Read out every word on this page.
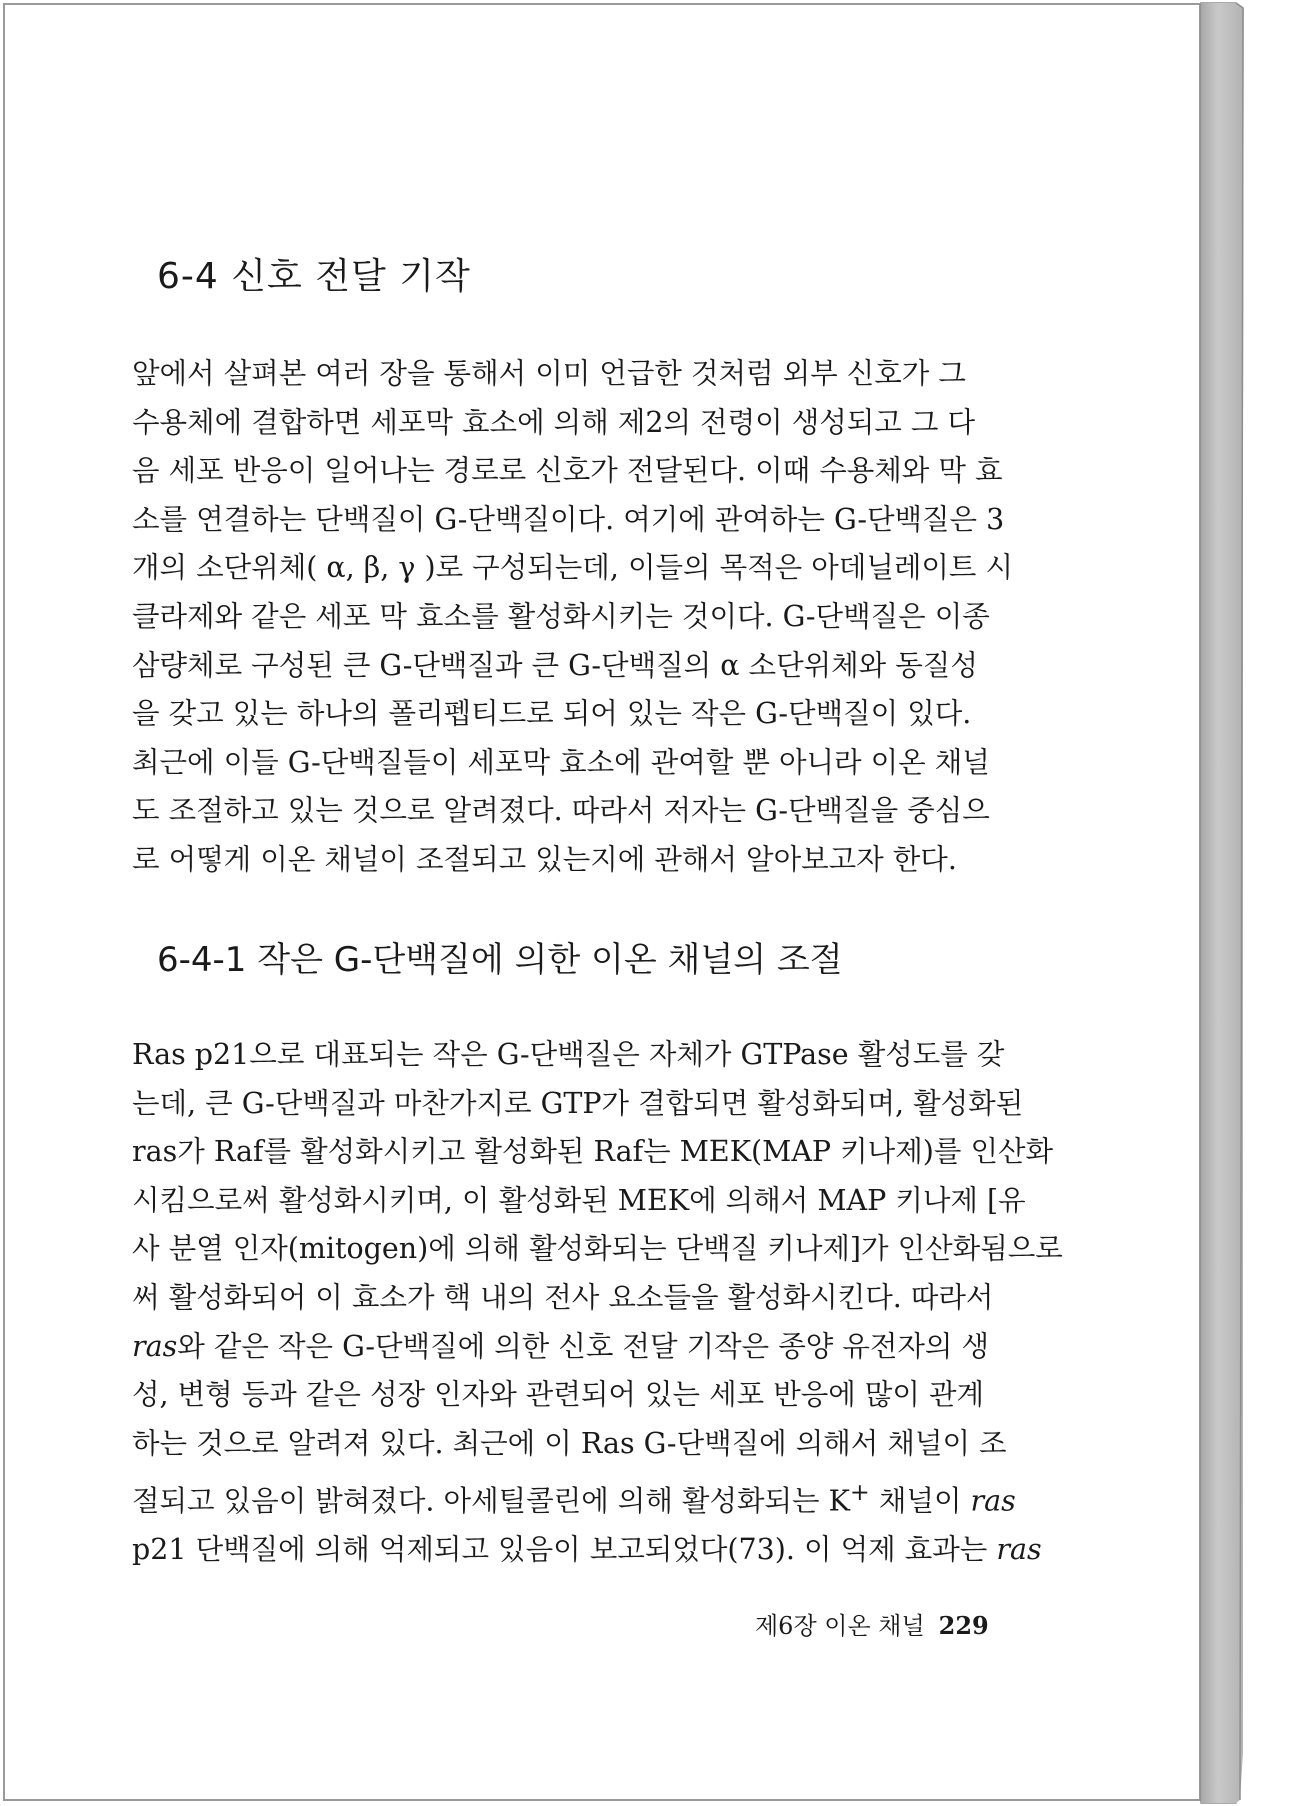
6-4 신호 전달 기작
앞에서 살펴본 여러 장을 통해서 이미 언급한 것처럼 외부 신호가 그
수용체에 결합하면 세포막 효소에 의해 제2의 전령이 생성되고 그 다
음 세포 반응이 일어나는 경로로 신호가 전달된다. 이때 수용체와 막 효
소를 연결하는 단백질이 G-단백질이다. 여기에 관여하는 G-단백질은 3
개의 소단위체( α, β, γ )로 구성되는데, 이들의 목적은 아데닐레이트 시
클라제와 같은 세포 막 효소를 활성화시키는 것이다. G-단백질은 이종
삼량체로 구성된 큰 G-단백질과 큰 G-단백질의 α 소단위체와 동질성
을 갖고 있는 하나의 폴리펩티드로 되어 있는 작은 G-단백질이 있다.
최근에 이들 G-단백질들이 세포막 효소에 관여할 뿐 아니라 이온 채널
도 조절하고 있는 것으로 알려졌다. 따라서 저자는 G-단백질을 중심으
로 어떻게 이온 채널이 조절되고 있는지에 관해서 알아보고자 한다.
6-4-1 작은 G-단백질에 의한 이온 채널의 조절
Ras p21으로 대표되는 작은 G-단백질은 자체가 GTPase 활성도를 갖
는데, 큰 G-단백질과 마찬가지로 GTP가 결합되면 활성화되며, 활성화된
ras가 Raf를 활성화시키고 활성화된 Raf는 MEK(MAP 키나제)를 인산화
시킴으로써 활성화시키며, 이 활성화된 MEK에 의해서 MAP 키나제 [유
사 분열 인자(mitogen)에 의해 활성화되는 단백질 키나제]가 인산화됨으로
써 활성화되어 이 효소가 핵 내의 전사 요소들을 활성화시킨다. 따라서
ras와 같은 작은 G-단백질에 의한 신호 전달 기작은 종양 유전자의 생
성, 변형 등과 같은 성장 인자와 관련되어 있는 세포 반응에 많이 관계
하는 것으로 알려져 있다. 최근에 이 Ras G-단백질에 의해서 채널이 조
절되고 있음이 밝혀졌다. 아세틸콜린에 의해 활성화되는 K+ 채널이 ras
p21 단백질에 의해 억제되고 있음이 보고되었다(73). 이 억제 효과는 ras
제6장 이온 채널 229
